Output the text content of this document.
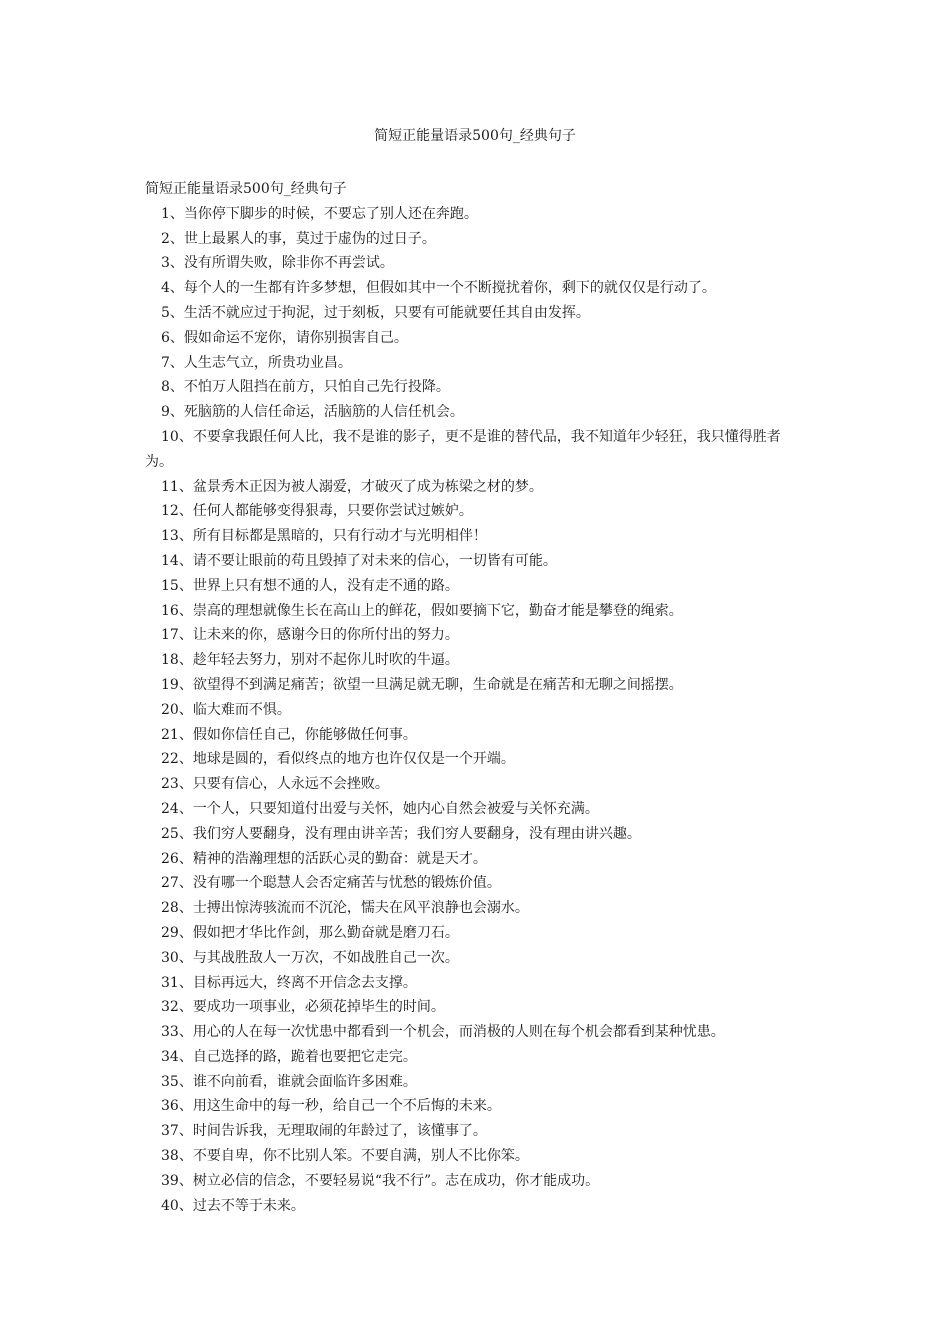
简短正能量语录500句_经典句子

简短正能量语录500句_经典句子

1、当你停下脚步的时候，不要忘了别人还在奔跑。
2、世上最累人的事，莫过于虚伪的过日子。
3、没有所谓失败，除非你不再尝试。
4、每个人的一生都有许多梦想，但假如其中一个不断搅扰着你，剩下的就仅仅是行动了。
5、生活不就应过于拘泥，过于刻板，只要有可能就要任其自由发挥。
6、假如命运不宠你，请你别损害自己。
7、人生志气立，所贵功业昌。
8、不怕万人阻挡在前方，只怕自己先行投降。
9、死脑筋的人信任命运，活脑筋的人信任机会。
10、不要拿我跟任何人比，我不是谁的影子，更不是谁的替代品，我不知道年少轻狂，我只懂得胜者为。
11、盆景秀木正因为被人溺爱，才破灭了成为栋梁之材的梦。
12、任何人都能够变得狠毒，只要你尝试过嫉妒。
13、所有目标都是黑暗的，只有行动才与光明相伴！
14、请不要让眼前的苟且毁掉了对未来的信心，一切皆有可能。
15、世界上只有想不通的人，没有走不通的路。
16、崇高的理想就像生长在高山上的鲜花，假如要摘下它，勤奋才能是攀登的绳索。
17、让未来的你，感谢今日的你所付出的努力。
18、趁年轻去努力，别对不起你儿时吹的牛逼。
19、欲望得不到满足痛苦；欲望一旦满足就无聊，生命就是在痛苦和无聊之间摇摆。
20、临大难而不惧。
21、假如你信任自己，你能够做任何事。
22、地球是圆的，看似终点的地方也许仅仅是一个开端。
23、只要有信心，人永远不会挫败。
24、一个人，只要知道付出爱与关怀，她内心自然会被爱与关怀充满。
25、我们穷人要翻身，没有理由讲辛苦；我们穷人要翻身，没有理由讲兴趣。
26、精神的浩瀚理想的活跃心灵的勤奋：就是天才。
27、没有哪一个聪慧人会否定痛苦与忧愁的锻炼价值。
28、士搏出惊涛骇流而不沉沦，懦夫在风平浪静也会溺水。
29、假如把才华比作剑，那么勤奋就是磨刀石。
30、与其战胜敌人一万次，不如战胜自己一次。
31、目标再远大，终离不开信念去支撑。
32、要成功一项事业，必须花掉毕生的时间。
33、用心的人在每一次忧患中都看到一个机会，而消极的人则在每个机会都看到某种忧患。
34、自己选择的路，跪着也要把它走完。
35、谁不向前看，谁就会面临许多困难。
36、用这生命中的每一秒，给自己一个不后悔的未来。
37、时间告诉我，无理取闹的年龄过了，该懂事了。
38、不要自卑，你不比别人笨。不要自满，别人不比你笨。
39、树立必信的信念，不要轻易说“我不行”。志在成功，你才能成功。
40、过去不等于未来。
